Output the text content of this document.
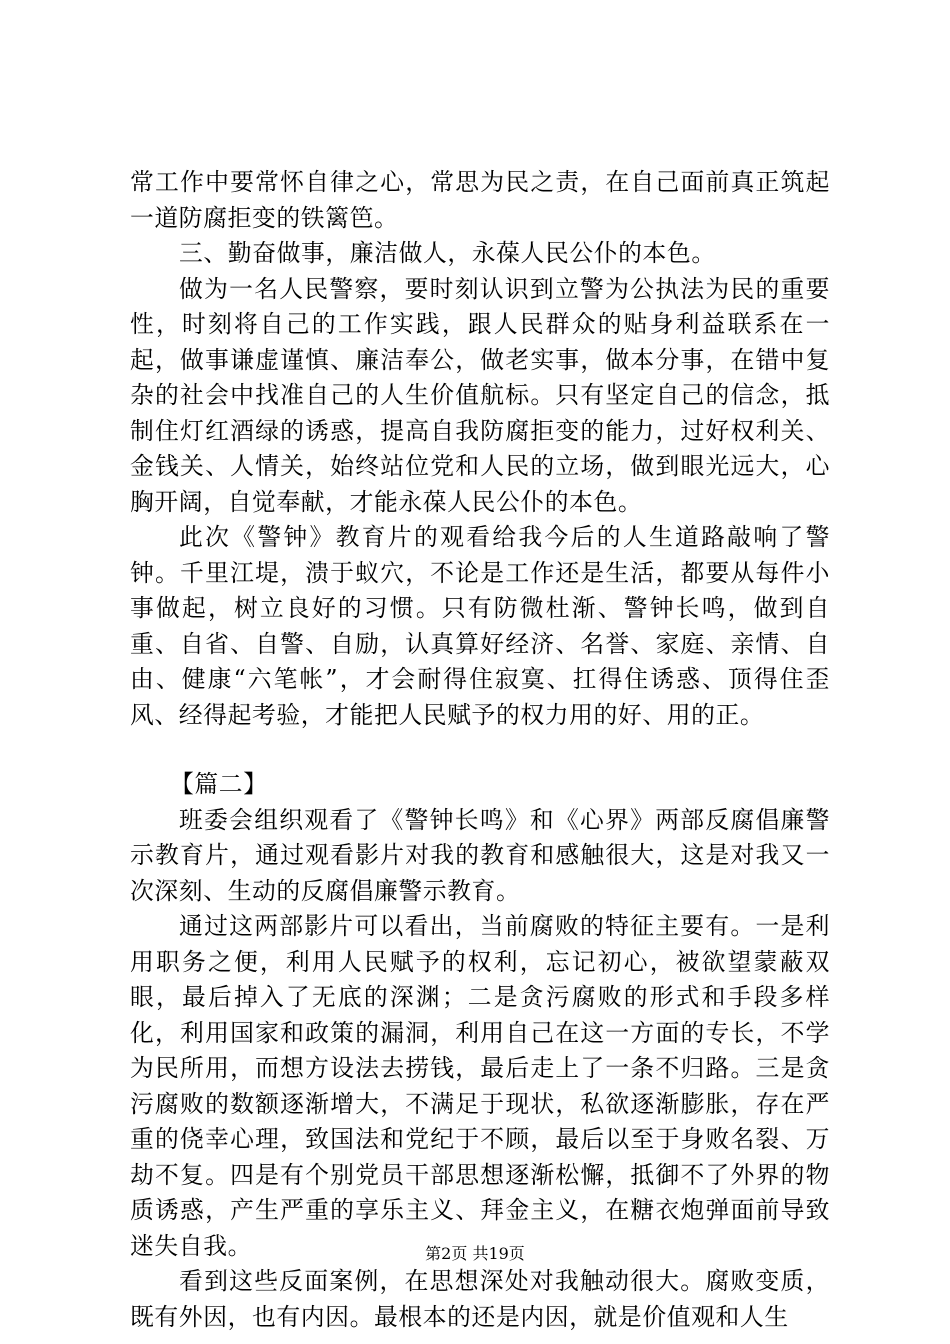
常工作中要常怀自律之心，常思为民之责，在自己面前真正筑起一道防腐拒变的铁篱笆。

三、勤奋做事，廉洁做人，永葆人民公仆的本色。

做为一名人民警察，要时刻认识到立警为公执法为民的重要性，时刻将自己的工作实践，跟人民群众的贴身利益联系在一起，做事谦虚谨慎、廉洁奉公，做老实事，做本分事，在错中复杂的社会中找准自己的人生价值航标。只有坚定自己的信念，抵制住灯红酒绿的诱惑，提高自我防腐拒变的能力，过好权利关、金钱关、人情关，始终站位党和人民的立场，做到眼光远大，心胸开阔，自觉奉献，才能永葆人民公仆的本色。

此次《警钟》教育片的观看给我今后的人生道路敲响了警钟。千里江堤，溃于蚁穴，不论是工作还是生活，都要从每件小事做起，树立良好的习惯。只有防微杜渐、警钟长鸣，做到自重、自省、自警、自励，认真算好经济、名誉、家庭、亲情、自由、健康“六笔帐”，才会耐得住寂寞、扛得住诱惑、顶得住歪风、经得起考验，才能把人民赋予的权力用的好、用的正。

【篇二】

班委会组织观看了《警钟长鸣》和《心界》两部反腐倡廉警示教育片，通过观看影片对我的教育和感触很大，这是对我又一次深刻、生动的反腐倡廉警示教育。

通过这两部影片可以看出，当前腐败的特征主要有。一是利用职务之便，利用人民赋予的权利，忘记初心，被欲望蒙蔽双眼，最后掉入了无底的深渊；二是贪污腐败的形式和手段多样化，利用国家和政策的漏洞，利用自己在这一方面的专长，不学为民所用，而想方设法去捞钱，最后走上了一条不归路。三是贪污腐败的数额逐渐增大，不满足于现状，私欲逐渐膨胀，存在严重的侥幸心理，致国法和党纪于不顾，最后以至于身败名裂、万劫不复。四是有个别党员干部思想逐渐松懈，抵御不了外界的物质诱惑，产生严重的享乐主义、拜金主义，在糖衣炮弹面前导致迷失自我。

看到这些反面案例，在思想深处对我触动很大。腐败变质，既有外因，也有内因。最根本的还是内因，就是价值观和人生

第2页 共19页
